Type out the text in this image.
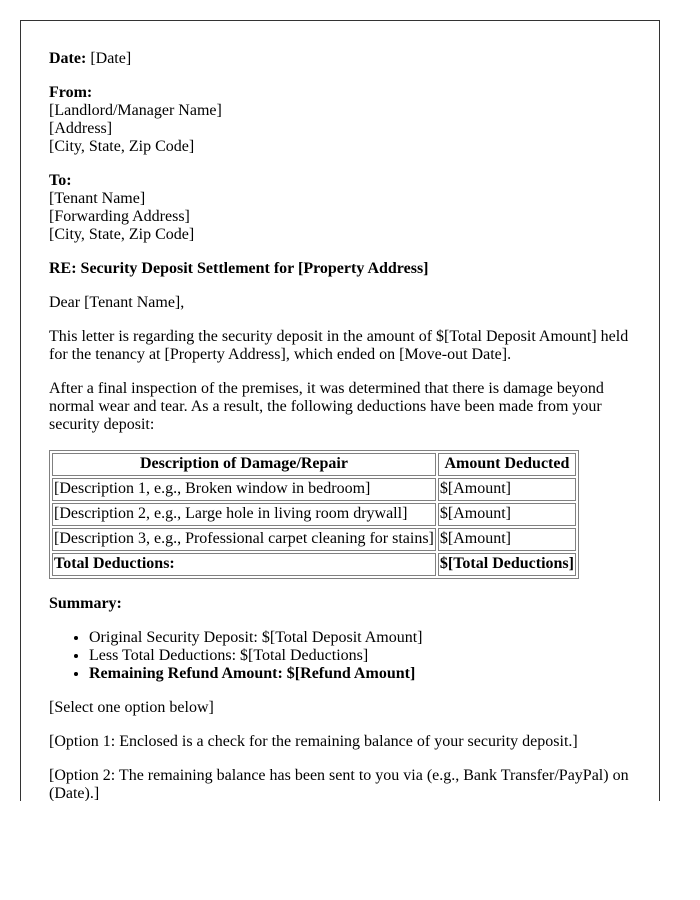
Date: [Date]

From:
[Landlord/Manager Name]
[Address]
[City, State, Zip Code]
To:
[Tenant Name]
[Forwarding Address]
[City, State, Zip Code]

RE: Security Deposit Settlement for [Property Address]

Dear [Tenant Name],

This letter is regarding the security deposit in the amount of $[Total Deposit Amount] held for the tenancy at [Property Address], which ended on [Move-out Date].

After a final inspection of the premises, it was determined that there is damage beyond normal wear and tear. As a result, the following deductions have been made from your security deposit:

Description of Damage/Repair	Amount Deducted
[Description 1, e.g., Broken window in bedroom]	$[Amount]
[Description 2, e.g., Large hole in living room drywall]	$[Amount]
[Description 3, e.g., Professional carpet cleaning for stains]	$[Amount]
Total Deductions:	$[Total Deductions]

Summary:

• Original Security Deposit: $[Total Deposit Amount]
• Less Total Deductions: $[Total Deductions]
• Remaining Refund Amount: $[Refund Amount]

[Select one option below]

[Option 1: Enclosed is a check for the remaining balance of your security deposit.]

[Option 2: The remaining balance has been sent to you via (e.g., Bank Transfer/PayPal) on (Date).]
